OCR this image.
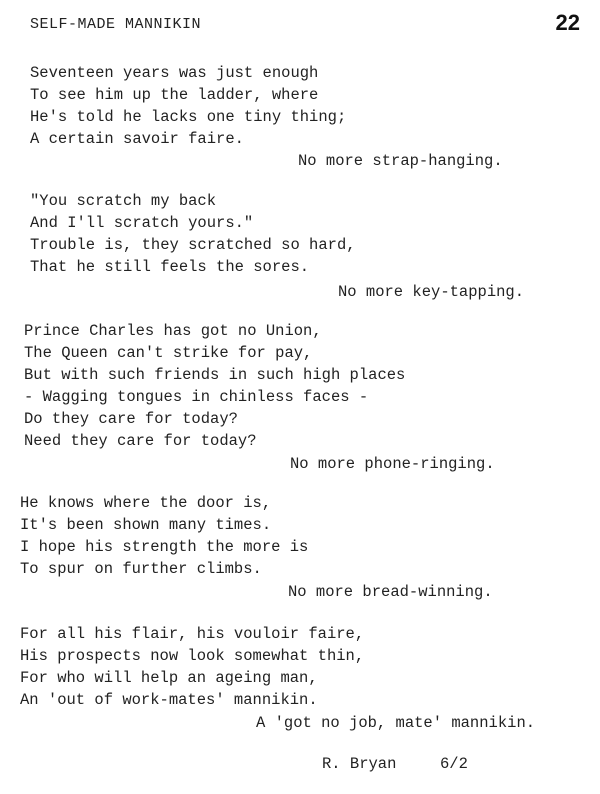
SELF-MADE MANNIKIN	22
Seventeen years was just enough
To see him up the ladder, where
He's told he lacks one tiny thing;
A certain savoir faire.
No more strap-hanging.
"You scratch my back
And I'll scratch yours."
Trouble is, they scratched so hard,
That he still feels the sores.
No more key-tapping.
Prince Charles has got no Union,
The Queen can't strike for pay,
But with such friends in such high places
- Wagging tongues in chinless faces -
Do they care for today?
Need they care for today?
No more phone-ringing.
He knows where the door is,
It's been shown many times.
I hope his strength the more is
To spur on further climbs.
No more bread-winning.
For all his flair, his vouloir faire,
His prospects now look somewhat thin,
For who will help an ageing man,
An 'out of work-mates' mannikin.
A 'got no job, mate' mannikin.
R. Bryan	6/2
